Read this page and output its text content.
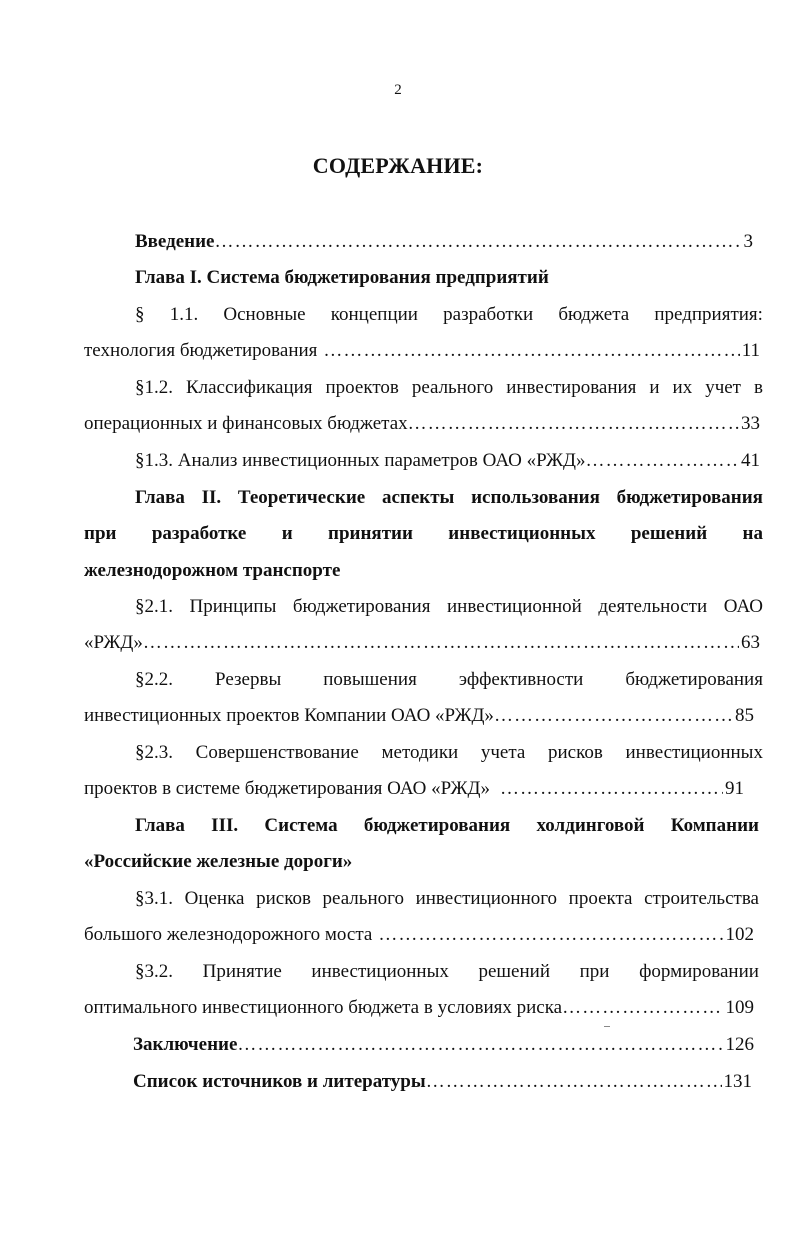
2
СОДЕРЖАНИЕ:
Введение ……………………………………………………………………………………………………………………………………………	3
Глава I. Система бюджетирования предприятий
§ 1.1. Основные концепции разработки бюджета предприятия:
технология бюджетирования ……………………………………………………………………………………………………………………………………………	11
§1.2. Классификация проектов реального инвестирования и их учет в
операционных и финансовых бюджетах ……………………………………………………………………………………………………………………………………………	33
§1.3. Анализ инвестиционных параметров ОАО «РЖД» ……………………………………………………………………………………………………………………………………………	41
Глава II. Теоретические аспекты использования бюджетирования
при разработке и принятии инвестиционных решений на
железнодорожном транспорте
§2.1. Принципы бюджетирования инвестиционной деятельности ОАО
«РЖД» ……………………………………………………………………………………………………………………………………………	63
§2.2. Резервы повышения эффективности бюджетирования
инвестиционных проектов Компании ОАО «РЖД» ……………………………………………………………………………………………………………………………………………	85
§2.3. Совершенствование методики учета рисков инвестиционных
проектов в системе бюджетирования ОАО «РЖД» ……………………………………………………………………………………………………………………………………………	91
Глава III. Система бюджетирования холдинговой Компании
«Российские железные дороги»
§3.1. Оценка рисков реального инвестиционного проекта строительства
большого железнодорожного моста ……………………………………………………………………………………………………………………………………………	102
§3.2. Принятие инвестиционных решений при формировании
оптимального инвестиционного бюджета в условиях риска ……………………………………………………………………………………………………………………………………………	109
Заключение ……………………………………………………………………………………………………………………………………………	126
Список источников и литературы ……………………………………………………………………………………………………………………………………………	131
